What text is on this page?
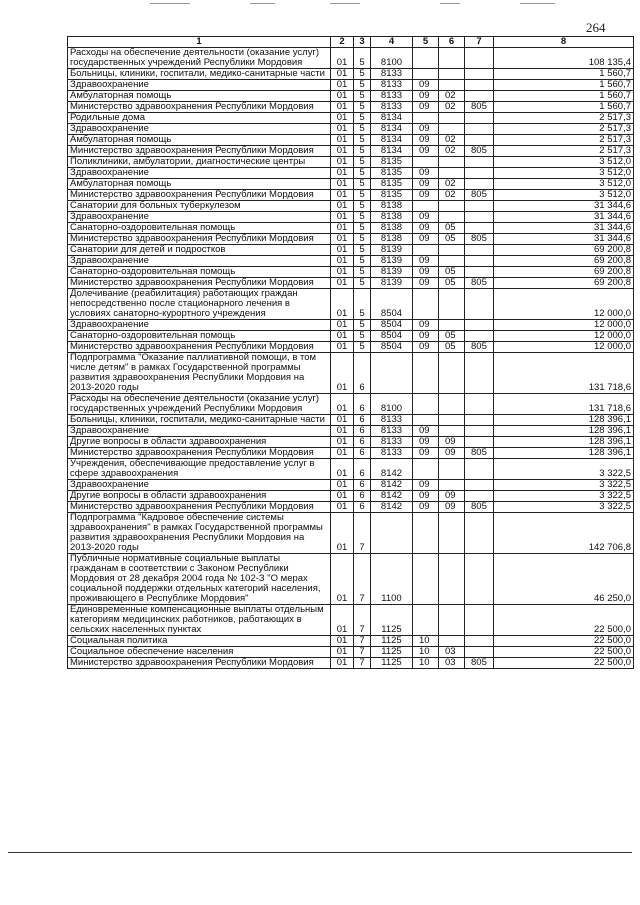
264
1	2	3	4	5	6	7	8
Расходы на обеспечение деятельности (оказание услуг) государственных учреждений Республики Мордовия	01	5	8100				108 135,4
Больницы, клиники, госпитали, медико-санитарные части	01	5	8133				1 560,7
Здравоохранение	01	5	8133	09			1 560,7
Амбулаторная помощь	01	5	8133	09	02		1 560,7
Министерство здравоохранения Республики Мордовия	01	5	8133	09	02	805	1 560,7
Родильные дома	01	5	8134				2 517,3
Здравоохранение	01	5	8134	09			2 517,3
Амбулаторная помощь	01	5	8134	09	02		2 517,3
Министерство здравоохранения Республики Мордовия	01	5	8134	09	02	805	2 517,3
Поликлиники, амбулатории, диагностические центры	01	5	8135				3 512,0
Здравоохранение	01	5	8135	09			3 512,0
Амбулаторная помощь	01	5	8135	09	02		3 512,0
Министерство здравоохранения Республики Мордовия	01	5	8135	09	02	805	3 512,0
Санатории для больных туберкулезом	01	5	8138				31 344,6
Здравоохранение	01	5	8138	09			31 344,6
Санаторно-оздоровительная помощь	01	5	8138	09	05		31 344,6
Министерство здравоохранения Республики Мордовия	01	5	8138	09	05	805	31 344,6
Санатории для детей и подростков	01	5	8139				69 200,8
Здравоохранение	01	5	8139	09			69 200,8
Санаторно-оздоровительная помощь	01	5	8139	09	05		69 200,8
Министерство здравоохранения Республики Мордовия	01	5	8139	09	05	805	69 200,8
Долечивание (реабилитация) работающих граждан непосредственно после стационарного лечения в условиях санаторно-курортного учреждения	01	5	8504				12 000,0
Здравоохранение	01	5	8504	09			12 000,0
Санаторно-оздоровительная помощь	01	5	8504	09	05		12 000,0
Министерство здравоохранения Республики Мордовия	01	5	8504	09	05	805	12 000,0
Подпрограмма "Оказание паллиативной помощи, в том числе детям" в рамках Государственной программы развития здравоохранения Республики Мордовия на 2013-2020 годы	01	6					131 718,6
Расходы на обеспечение деятельности (оказание услуг) государственных учреждений Республики Мордовия	01	6	8100				131 718,6
Больницы, клиники, госпитали, медико-санитарные части	01	6	8133				128 396,1
Здравоохранение	01	6	8133	09			128 396,1
Другие вопросы в области здравоохранения	01	6	8133	09	09		128 396,1
Министерство здравоохранения Республики Мордовия	01	6	8133	09	09	805	128 396,1
Учреждения, обеспечивающие предоставление услуг в сфере здравоохранения	01	6	8142				3 322,5
Здравоохранение	01	6	8142	09			3 322,5
Другие вопросы в области здравоохранения	01	6	8142	09	09		3 322,5
Министерство здравоохранения Республики Мордовия	01	6	8142	09	09	805	3 322,5
Подпрограмма "Кадровое обеспечение системы здравоохранения" в рамках Государственной программы развития здравоохранения Республики Мордовия на 2013-2020 годы	01	7					142 706,8
Публичные нормативные социальные выплаты гражданам в соответствии с Законом Республики Мордовия от 28 декабря 2004 года № 102-З "О мерах социальной поддержки отдельных категорий населения, проживающего в Республике Мордовия"	01	7	1100				46 250,0
Единовременные компенсационные выплаты отдельным категориям медицинских работников, работающих в сельских населенных пунктах	01	7	1125				22 500,0
Социальная политика	01	7	1125	10			22 500,0
Социальное обеспечение населения	01	7	1125	10	03		22 500,0
Министерство здравоохранения Республики Мордовия	01	7	1125	10	03	805	22 500,0
